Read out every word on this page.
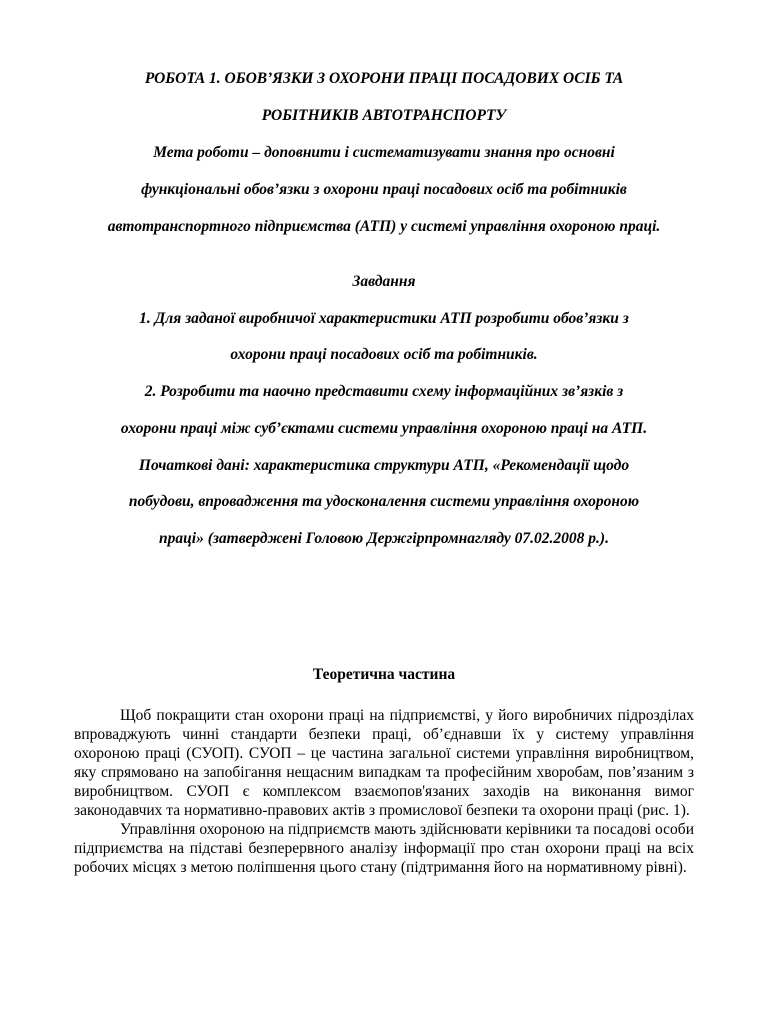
РОБОТА 1. ОБОВ’ЯЗКИ З ОХОРОНИ ПРАЦІ ПОСАДОВИХ ОСІБ ТА
РОБІТНИКІВ АВТОТРАНСПОРТУ
Мета роботи – доповнити і систематизувати знання про основні
функціональні обов’язки з охорони праці посадових осіб та робітників
автотранспортного підприємства (АТП) у системі управління охороною праці.
Завдання
1. Для заданої виробничої характеристики АТП розробити обов’язки з
охорони праці посадових осіб та робітників.
2. Розробити та наочно представити схему інформаційних зв’язків з
охорони праці між суб’єктами системи управління охороною праці на АТП.
Початкові дані: характеристика структури АТП, «Рекомендації щодо
побудови, впровадження та удосконалення системи управління охороною
праці» (затверджені Головою Держгірпромнагляду 07.02.2008 р.).
Теоретична частина

Щоб покращити стан охорони праці на підприємстві, у його виробничих підрозділах впроваджують чинні стандарти безпеки праці, об’єднавши їх у систему управління охороною праці (СУОП). СУОП – це частина загальної системи управління виробництвом, яку спрямовано на запобігання нещасним випадкам та професійним хворобам, пов’язаним з виробництвом. СУОП є комплексом взаємопов'язаних заходів на виконання вимог законодавчих та нормативно-правових актів з промислової безпеки та охорони праці (рис. 1).

Управління охороною на підприємств мають здійснювати керівники та посадові особи підприємства на підставі безперервного аналізу інформації про стан охорони праці на всіх робочих місцях з метою поліпшення цього стану (підтримання його на нормативному рівні).
